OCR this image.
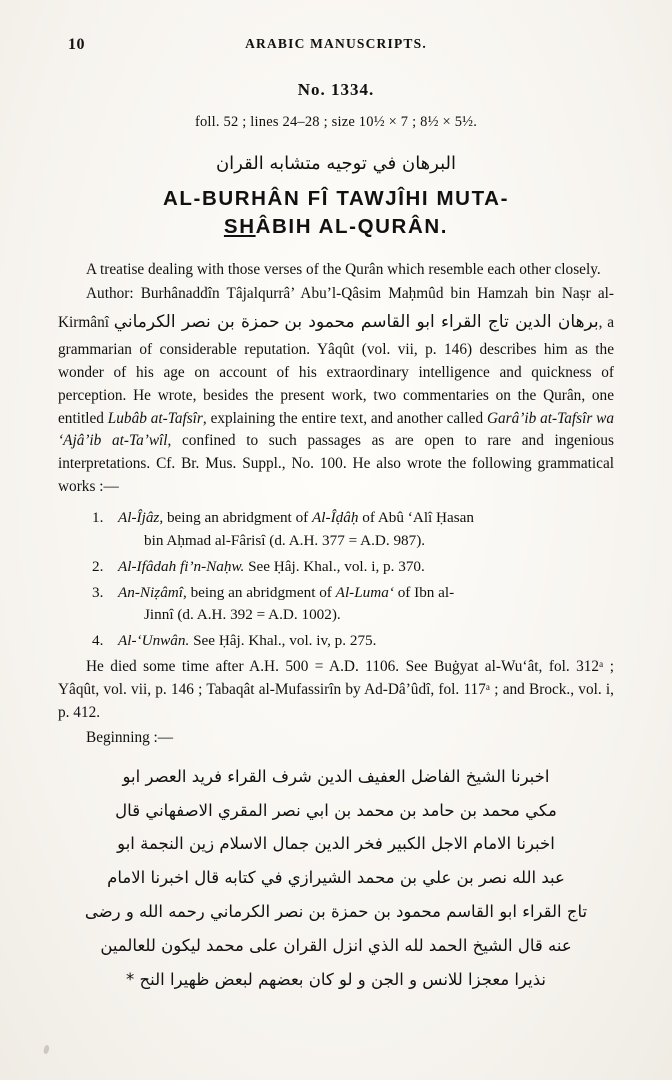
10	ARABIC MANUSCRIPTS.
No. 1334.
foll. 52 ; lines 24–28 ; size 10½ × 7 ; 8½ × 5½.
البرهان في توجيه متشابه القران
AL-BURHÂN FÎ TAWJÎHI MUTA-
SHÂBIH AL-QURÂN.

A treatise dealing with those verses of the Qurân which resemble each other closely.

Author: Burhânaddîn Tâjalqurrâ’ Abu’l-Qâsim Maḥmûd bin Hamzah bin Naṣr al-Kirmânî	برهان الدين تاج القراء ابو القاسم محمود بن حمزة بن نصر الكرماني	, a grammarian of considerable reputation. Yâqût (vol. vii, p. 146) describes him as the wonder of his age on account of his extraordinary intelligence and quickness of perception. He wrote, besides the present work, two commentaries on the Qurân, one entitled Lubâb at-Tafsîr, explaining the entire text, and another called Garâ’ib at-Tafsîr wa ‘Ajâ’ib at-Ta’wîl, confined to such passages as are open to rare and ingenious interpretations. Cf. Br. Mus. Suppl., No. 100. He also wrote the following grammatical works :—

1. Al-Îjâz, being an abridgment of Al-Îḍâḥ of Abû ‘Alî Ḥasan
bin Aḥmad al-Fârisî (d. A.H. 377 = A.D. 987).
2. Al-Ifâdah fi’n-Naḥw. See Ḥâj. Khal., vol. i, p. 370.
3. An-Niẓâmî, being an abridgment of Al-Luma‘ of Ibn al-
Jinnî (d. A.H. 392 = A.D. 1002).
4. Al-‘Unwân. See Ḥâj. Khal., vol. iv, p. 275.

He died some time after A.H. 500 = A.D. 1106. See Buġyat al-Wu‘ât, fol. 312ᵃ ; Yâqût, vol. vii, p. 146 ; Tabaqât al-Mufassirîn by Ad-Dâ’ûdî, fol. 117ᵃ ; and Brock., vol. i, p. 412.

Beginning :—

اخبرنا الشيخ الفاضل العفيف الدين شرف القراء فريد العصر ابو
مكي محمد بن حامد بن محمد بن ابي نصر المقري الاصفهاني قال
اخبرنا الامام الاجل الكبير فخر الدين جمال الاسلام زين النجمة ابو
عبد الله نصر بن علي بن محمد الشيرازي في كتابه قال اخبرنا الامام
تاج القراء ابو القاسم محمود بن حمزة بن نصر الكرماني رحمه الله و رضى
عنه قال الشيخ الحمد لله الذي انزل القران على محمد ليكون للعالمين
نذيرا معجزا للانس و الجن و لو كان بعضهم لبعض ظهيرا النح *
